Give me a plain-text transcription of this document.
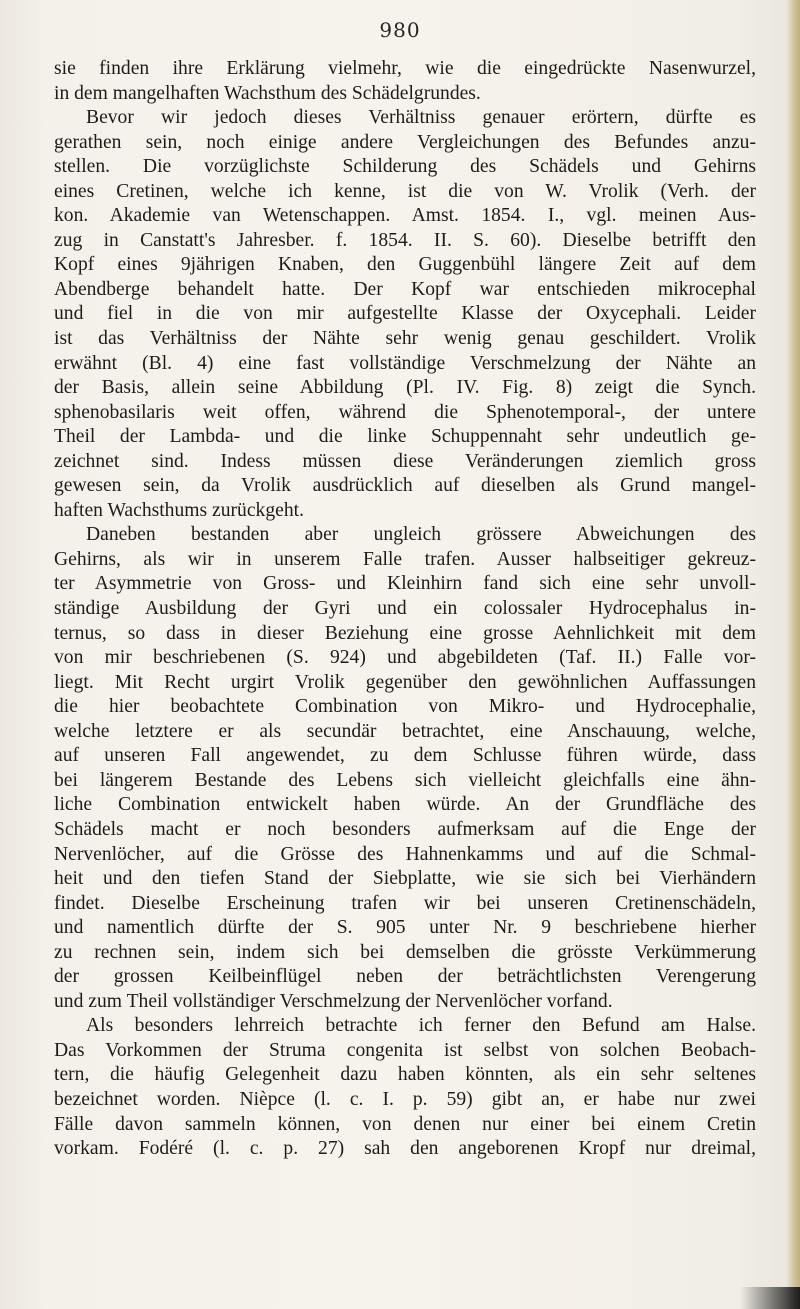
980
sie finden ihre Erklärung vielmehr, wie die eingedrückte Nasenwurzel,
in dem mangelhaften Wachsthum des Schädelgrundes.
Bevor wir jedoch dieses Verhältniss genauer erörtern, dürfte es
gerathen sein, noch einige andere Vergleichungen des Befundes anzu-
stellen. Die vorzüglichste Schilderung des Schädels und Gehirns
eines Cretinen, welche ich kenne, ist die von W. Vrolik (Verh. der
kon. Akademie van Wetenschappen. Amst. 1854. I., vgl. meinen Aus-
zug in Canstatt's Jahresber. f. 1854. II. S. 60). Dieselbe betrifft den
Kopf eines 9jährigen Knaben, den Guggenbühl längere Zeit auf dem
Abendberge behandelt hatte. Der Kopf war entschieden mikrocephal
und fiel in die von mir aufgestellte Klasse der Oxycephali. Leider
ist das Verhältniss der Nähte sehr wenig genau geschildert. Vrolik
erwähnt (Bl. 4) eine fast vollständige Verschmelzung der Nähte an
der Basis, allein seine Abbildung (Pl. IV. Fig. 8) zeigt die Synch.
sphenobasilaris weit offen, während die Sphenotemporal-, der untere
Theil der Lambda- und die linke Schuppennaht sehr undeutlich ge-
zeichnet sind. Indess müssen diese Veränderungen ziemlich gross
gewesen sein, da Vrolik ausdrücklich auf dieselben als Grund mangel-
haften Wachsthums zurückgeht.
Daneben bestanden aber ungleich grössere Abweichungen des
Gehirns, als wir in unserem Falle trafen. Ausser halbseitiger gekreuz-
ter Asymmetrie von Gross- und Kleinhirn fand sich eine sehr unvoll-
ständige Ausbildung der Gyri und ein colossaler Hydrocephalus in-
ternus, so dass in dieser Beziehung eine grosse Aehnlichkeit mit dem
von mir beschriebenen (S. 924) und abgebildeten (Taf. II.) Falle vor-
liegt. Mit Recht urgirt Vrolik gegenüber den gewöhnlichen Auffassungen
die hier beobachtete Combination von Mikro- und Hydrocephalie,
welche letztere er als secundär betrachtet, eine Anschauung, welche,
auf unseren Fall angewendet, zu dem Schlusse führen würde, dass
bei längerem Bestande des Lebens sich vielleicht gleichfalls eine ähn-
liche Combination entwickelt haben würde. An der Grundfläche des
Schädels macht er noch besonders aufmerksam auf die Enge der
Nervenlöcher, auf die Grösse des Hahnenkamms und auf die Schmal-
heit und den tiefen Stand der Siebplatte, wie sie sich bei Vierhändern
findet. Dieselbe Erscheinung trafen wir bei unseren Cretinenschädeln,
und namentlich dürfte der S. 905 unter Nr. 9 beschriebene hierher
zu rechnen sein, indem sich bei demselben die grösste Verkümmerung
der grossen Keilbeinflügel neben der beträchtlichsten Verengerung
und zum Theil vollständiger Verschmelzung der Nervenlöcher vorfand.
Als besonders lehrreich betrachte ich ferner den Befund am Halse.
Das Vorkommen der Struma congenita ist selbst von solchen Beobach-
tern, die häufig Gelegenheit dazu haben könnten, als ein sehr seltenes
bezeichnet worden. Nièpce (l. c. I. p. 59) gibt an, er habe nur zwei
Fälle davon sammeln können, von denen nur einer bei einem Cretin
vorkam. Fodéré (l. c. p. 27) sah den angeborenen Kropf nur dreimal,
